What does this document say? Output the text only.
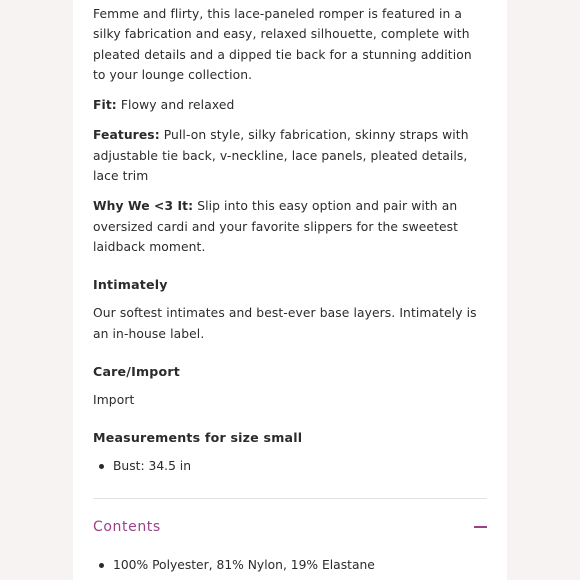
Femme and flirty, this lace-paneled romper is featured in a silky fabrication and easy, relaxed silhouette, complete with pleated details and a dipped tie back for a stunning addition to your lounge collection.

Fit: Flowy and relaxed

Features: Pull-on style, silky fabrication, skinny straps with adjustable tie back, v-neckline, lace panels, pleated details, lace trim

Why We <3 It: Slip into this easy option and pair with an oversized cardi and your favorite slippers for the sweetest laidback moment.

Intimately

Our softest intimates and best-ever base layers. Intimately is an in-house label.

Care/Import

Import

Measurements for size small
Bust: 34.5 in
Contents
100% Polyester, 81% Nylon, 19% Elastane
